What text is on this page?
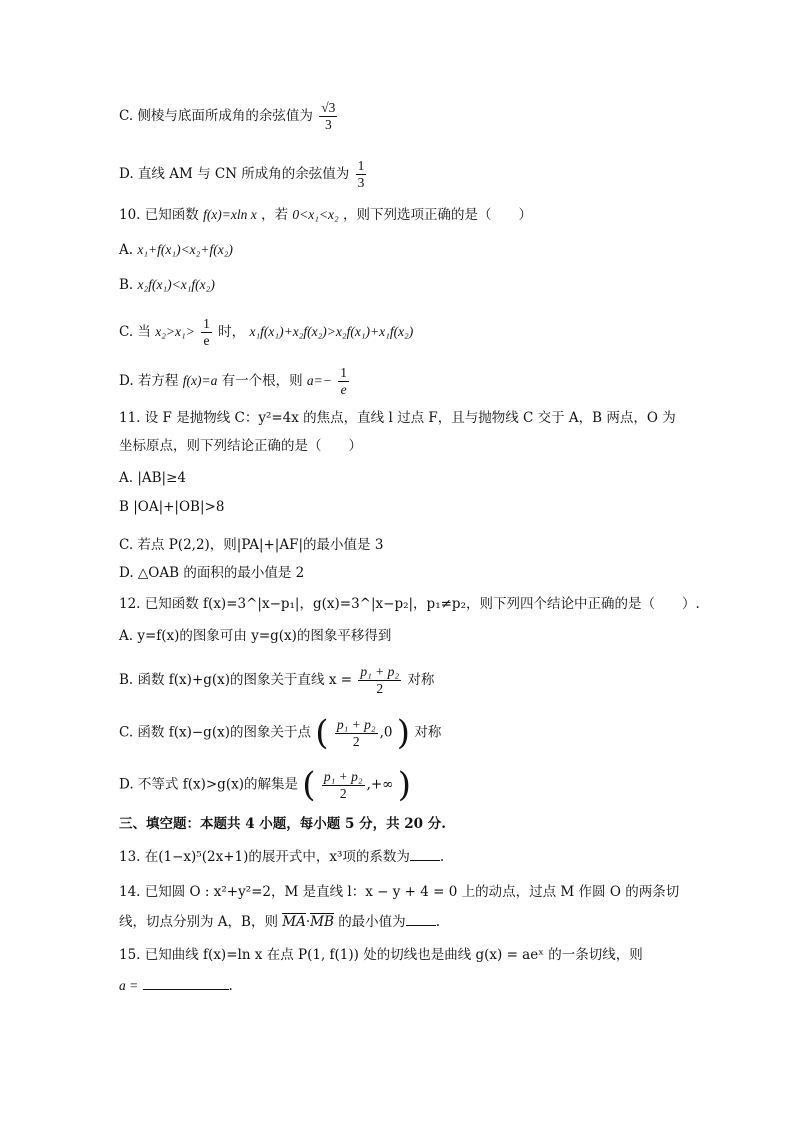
C. 侧棱与底面所成角的余弦值为 $\frac{√3}{3}$
D. 直线 AM 与 CN 所成角的余弦值为 $\frac{1}{3}$
10. 已知函数 f(x)=xln x ，若 0<x₁<x₂ ，则下列选项正确的是（　　）
A. x₁+f(x₁)<x₂+f(x₂)
B. x₂f(x₁)<x₁f(x₂)
C. 当 $x_2>x_1> \frac{1}{e}$ 时， x₁f(x₁)+x₂f(x₂)>x₂f(x₁)+x₁f(x₂)
D. 若方程 f(x)=a 有一个根，则 $a=- \frac{1}{e}$
11. 设 F 是抛物线 C：y²=4x 的焦点，直线 l 过点 F，且与抛物线 C 交于 A，B 两点，O 为
坐标原点，则下列结论正确的是（　　）
A. |AB|≥4
B |OA|+|OB|>8
C. 若点 P(2,2)，则|PA|+|AF|的最小值是 3
D. △OAB 的面积的最小值是 2
12. 已知函数 f(x)=3^|x−p₁|，g(x)=3^|x−p₂|，p₁≠p₂，则下列四个结论中正确的是（　　）.
A. y=f(x)的图象可由 y=g(x)的图象平移得到
B. 函数 f(x)+g(x)的图象关于直线 $x = \frac{\text{p₁ + p₂}}{2}$ 对称
C. 函数 f(x)−g(x)的图象关于点 ( $\frac{\text{p₁ + p₂}}{2} ,0$ ) 对称
D. 不等式 f(x)>g(x)的解集是 ( $\frac{\text{p₁ + p₂}}{2}$ ,+∞ )
三、填空题：本题共 4 小题，每小题 5 分，共 20 分.
13. 在(1−x)⁵(2x+1)的展开式中，x³项的系数为 .
14. 已知圆 O : x²+y²=2，M 是直线 l：x − y + 4 = 0 上的动点，过点 M 作圆 O 的两条切
线，切点分别为 A，B，则 MA·MB 的最小值为 .
15. 已知曲线 f(x)=ln x 在点 P(1, f(1)) 处的切线也是曲线 g(x) = aeˣ 的一条切线，则
a =	.
